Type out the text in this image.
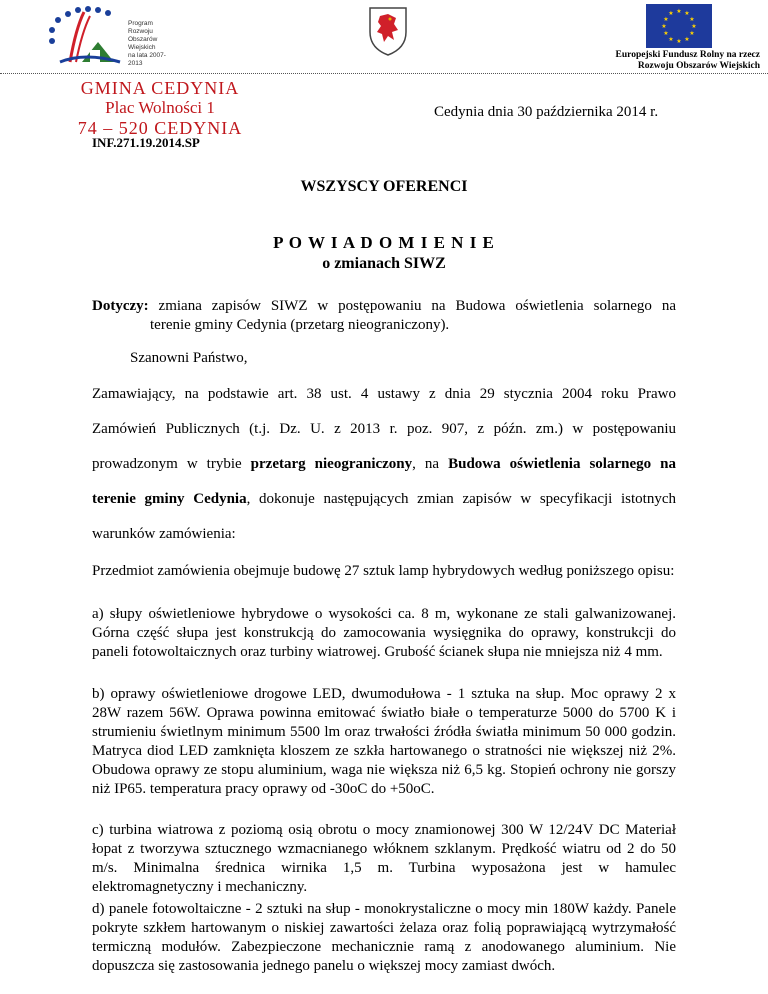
Program
Rozwoju
Obszarów
Wiejskich
na lata 2007-2013
★ ★
★
★
★
★
★
★
★
★
★
★
Europejski Fundusz Rolny na rzecz
Rozwoju Obszarów Wiejskich
GMINA CEDYNIA
Plac Wolności 1
74 – 520 CEDYNIA
Cedynia dnia 30 października 2014 r.
INF.271.19.2014.SP
WSZYSCY OFERENCI
P O W I A D O M I E N I E
o zmianach SIWZ
Dotyczy: zmiana zapisów SIWZ w postępowaniu na Budowa oświetlenia solarnego na
terenie gminy Cedynia (przetarg nieograniczony).
Szanowni Państwo,
Zamawiający, na podstawie art. 38 ust. 4 ustawy z dnia 29 stycznia 2004 roku Prawo
Zamówień Publicznych (t.j. Dz. U. z 2013 r. poz. 907, z późn. zm.) w postępowaniu
prowadzonym w trybie przetarg nieograniczony, na Budowa oświetlenia solarnego na
terenie gminy Cedynia, dokonuje następujących zmian zapisów w specyfikacji istotnych
warunków zamówienia:
Przedmiot zamówienia obejmuje budowę 27 sztuk lamp hybrydowych według poniższego opisu:
a) słupy oświetleniowe hybrydowe o wysokości ca. 8 m, wykonane ze stali galwanizowanej. Górna część słupa jest konstrukcją do zamocowania wysięgnika do oprawy, konstrukcji do paneli fotowoltaicznych oraz turbiny wiatrowej. Grubość ścianek słupa nie mniejsza niż 4 mm.
b) oprawy oświetleniowe drogowe LED, dwumodułowa - 1 sztuka na słup. Moc oprawy 2 x 28W razem 56W. Oprawa powinna emitować światło białe o temperaturze 5000 do 5700 K i strumieniu świetlnym minimum 5500 lm oraz trwałości źródła światła minimum 50 000 godzin. Matryca diod LED zamknięta kloszem ze szkła hartowanego o stratności nie większej niż 2%. Obudowa oprawy ze stopu aluminium, waga nie większa niż 6,5 kg. Stopień ochrony nie gorszy niż IP65. temperatura pracy oprawy od -30oC do +50oC.
c) turbina wiatrowa z poziomą osią obrotu o mocy znamionowej 300 W 12/24V DC Materiał łopat z tworzywa sztucznego wzmacnianego włóknem szklanym. Prędkość wiatru od 2 do 50 m/s. Minimalna średnica wirnika 1,5 m. Turbina wyposażona jest w hamulec elektromagnetyczny i mechaniczny.
d) panele fotowoltaiczne - 2 sztuki na słup - monokrystaliczne o mocy min 180W każdy. Panele pokryte szkłem hartowanym o niskiej zawartości żelaza oraz folią poprawiającą wytrzymałość termiczną modułów. Zabezpieczone mechanicznie ramą z anodowanego aluminium. Nie dopuszcza się zastosowania jednego panelu o większej mocy zamiast dwóch.
